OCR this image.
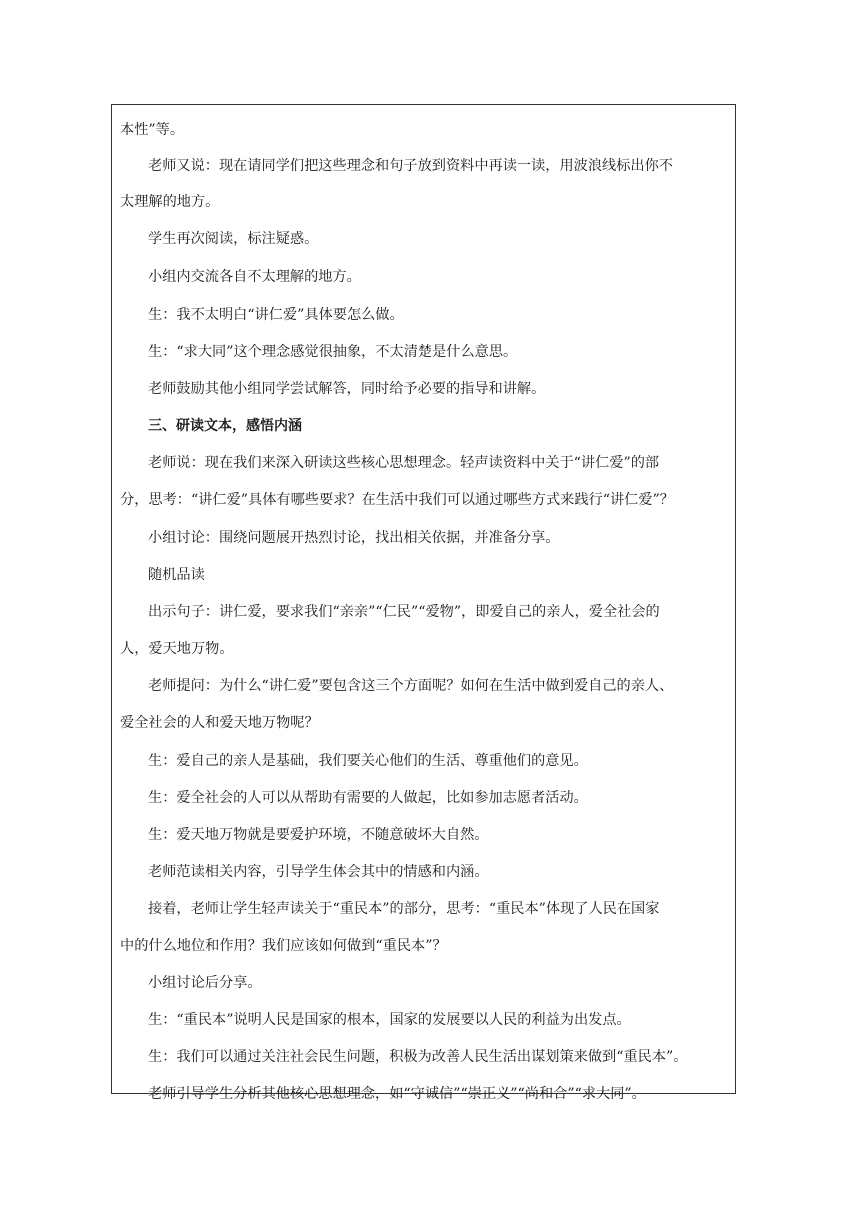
本性”等。
老师又说：现在请同学们把这些理念和句子放到资料中再读一读，用波浪线标出你不
太理解的地方。
学生再次阅读，标注疑惑。
小组内交流各自不太理解的地方。
生：我不太明白“讲仁爱”具体要怎么做。
生：“求大同”这个理念感觉很抽象，不太清楚是什么意思。
老师鼓励其他小组同学尝试解答，同时给予必要的指导和讲解。
三、研读文本，感悟内涵
老师说：现在我们来深入研读这些核心思想理念。轻声读资料中关于“讲仁爱”的部
分，思考：“讲仁爱”具体有哪些要求？在生活中我们可以通过哪些方式来践行“讲仁爱”？
小组讨论：围绕问题展开热烈讨论，找出相关依据，并准备分享。
随机品读
出示句子：讲仁爱，要求我们“亲亲”“仁民”“爱物”，即爱自己的亲人，爱全社会的
人，爱天地万物。
老师提问：为什么“讲仁爱”要包含这三个方面呢？如何在生活中做到爱自己的亲人、
爱全社会的人和爱天地万物呢？
生：爱自己的亲人是基础，我们要关心他们的生活、尊重他们的意见。
生：爱全社会的人可以从帮助有需要的人做起，比如参加志愿者活动。
生：爱天地万物就是要爱护环境，不随意破坏大自然。
老师范读相关内容，引导学生体会其中的情感和内涵。
接着，老师让学生轻声读关于“重民本”的部分，思考：“重民本”体现了人民在国家
中的什么地位和作用？我们应该如何做到“重民本”？
小组讨论后分享。
生：“重民本”说明人民是国家的根本，国家的发展要以人民的利益为出发点。
生：我们可以通过关注社会民生问题，积极为改善人民生活出谋划策来做到“重民本”。
老师引导学生分析其他核心思想理念，如“守诚信”“崇正义”“尚和合”“求大同”。
